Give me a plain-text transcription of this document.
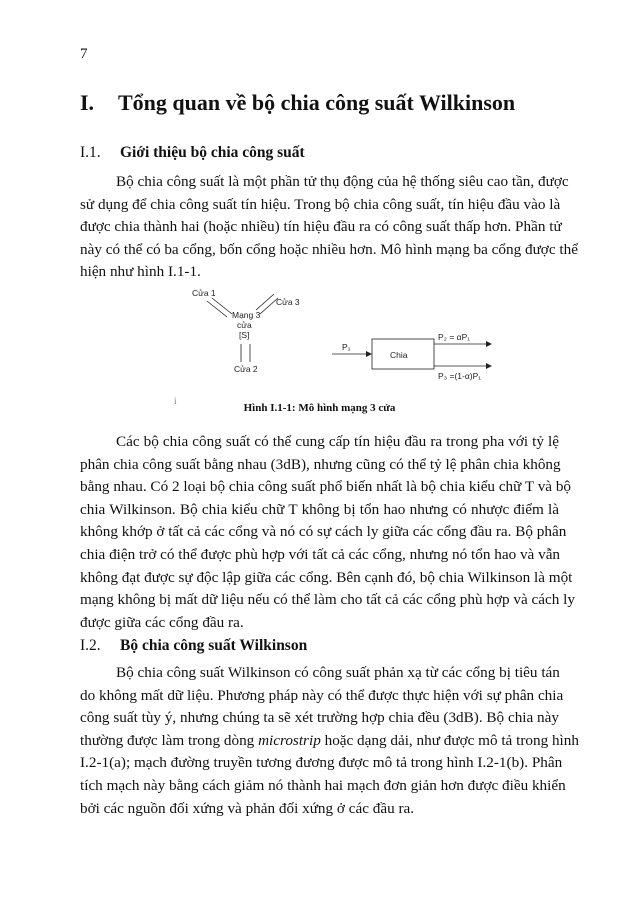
7
I. Tổng quan về bộ chia công suất Wilkinson
I.1. Giới thiệu bộ chia công suất
Bộ chia công suất là một phần tử thụ động của hệ thống siêu cao tần, được
sử dụng để chia công suất tín hiệu. Trong bộ chia công suất, tín hiệu đầu vào là
được chia thành hai (hoặc nhiều) tín hiệu đầu ra có công suất thấp hơn. Phần tử
này có thể có ba cổng, bốn cổng hoặc nhiều hơn. Mô hình mạng ba cổng được thể
hiện như hình I.1-1.
Cửa 1
Cửa 3
Mạng 3
cửa
[S]
Cửa 2
P₁
Chia
P₂ = αP₁
P₃ =(1-α)P₁
i
Hình I.1-1: Mô hình mạng 3 cửa
Các bộ chia công suất có thể cung cấp tín hiệu đầu ra trong pha với tỷ lệ
phân chia công suất bằng nhau (3dB), nhưng cũng có thể tỷ lệ phân chia không
bằng nhau. Có 2 loại bộ chia công suất phổ biến nhất là bộ chia kiểu chữ T và bộ
chia Wilkinson. Bộ chia kiểu chữ T không bị tổn hao nhưng có nhược điểm là
không khớp ở tất cả các cổng và nó có sự cách ly giữa các cổng đầu ra. Bộ phân
chia điện trở có thể được phù hợp với tất cả các cổng, nhưng nó tổn hao và vẫn
không đạt được sự độc lập giữa các cổng. Bên cạnh đó, bộ chia Wilkinson là một
mạng không bị mất dữ liệu nếu có thể làm cho tất cả các cổng phù hợp và cách ly
được giữa các cổng đầu ra.
I.2. Bộ chia công suất Wilkinson
Bộ chia công suất Wilkinson có công suất phản xạ từ các cổng bị tiêu tán
do không mất dữ liệu. Phương pháp này có thể được thực hiện với sự phân chia
công suất tùy ý, nhưng chúng ta sẽ xét trường hợp chia đều (3dB). Bộ chia này
thường được làm trong dòng microstrip hoặc dạng dải, như được mô tả trong hình
I.2-1(a); mạch đường truyền tương đương được mô tả trong hình I.2-1(b). Phân
tích mạch này bằng cách giảm nó thành hai mạch đơn giản hơn được điều khiển
bởi các nguồn đối xứng và phản đối xứng ở các đầu ra.
